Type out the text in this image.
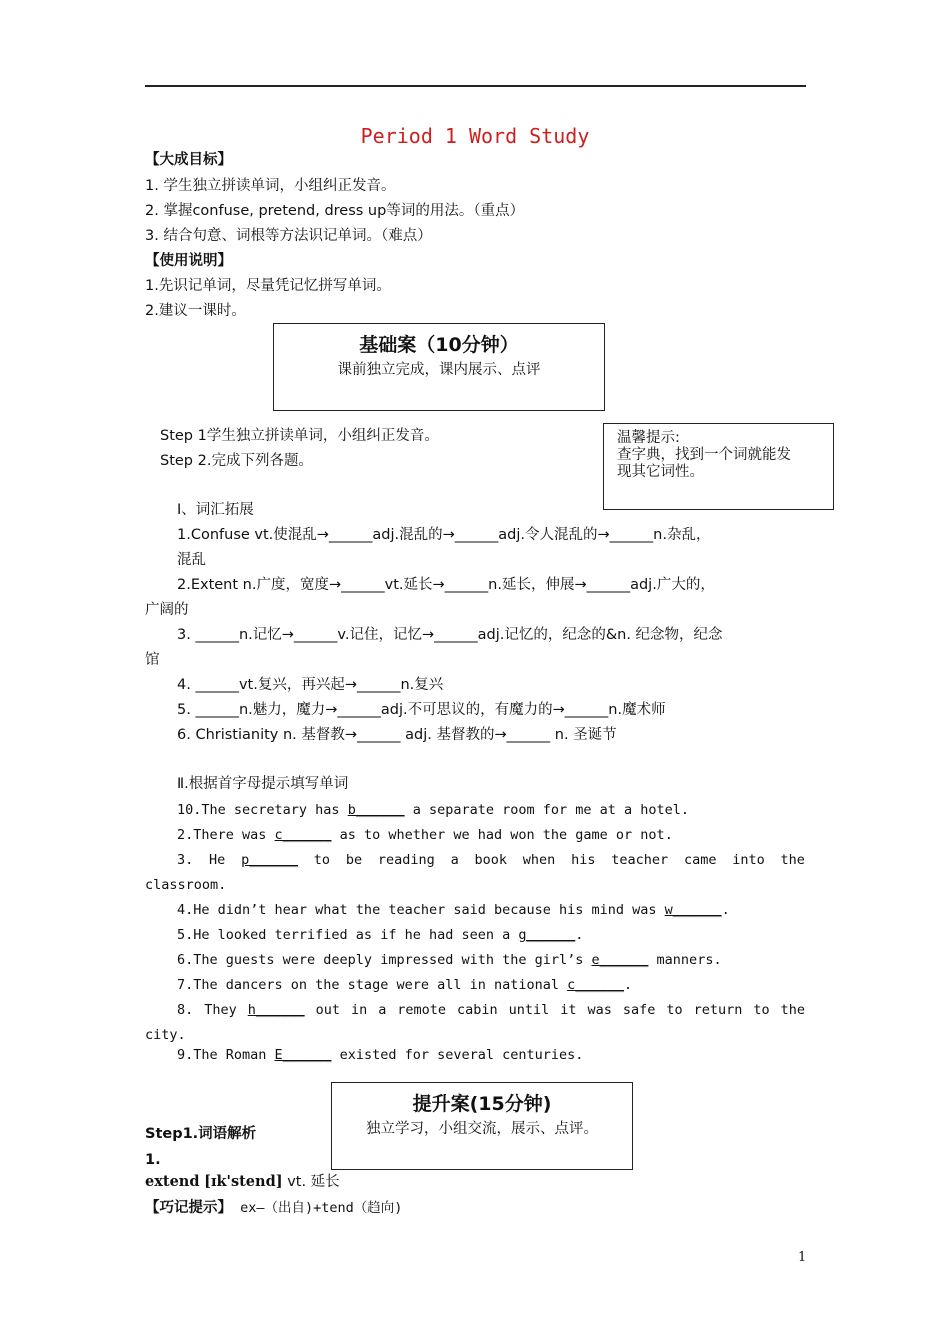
Period 1 Word Study
【大成目标】
1. 学生独立拼读单词，小组纠正发音。
2. 掌握confuse, pretend, dress up等词的用法。（重点）
3. 结合句意、词根等方法识记单词。（难点）
【使用说明】
1.先识记单词，尽量凭记忆拼写单词。
2.建议一课时。
基础案（10分钟）
课前独立完成，课内展示、点评
温馨提示:
查字典，找到一个词就能发
现其它词性。
Step 1学生独立拼读单词，小组纠正发音。
Step 2.完成下列各题。
Ⅰ、词汇拓展
1.Confuse vt.使混乱→______adj.混乱的→______adj.令人混乱的→______n.杂乱，
混乱
2.Extent n.广度，宽度→______vt.延长→______n.延长，伸展→______adj.广大的，
广阔的
3. ______n.记忆→______v.记住，记忆→______adj.记忆的，纪念的&n. 纪念物，纪念
馆
4. ______vt.复兴，再兴起→______n.复兴
5. ______n.魅力，魔力→______adj.不可思议的，有魔力的→______n.魔术师
6. Christianity n. 基督教→______ adj. 基督教的→______ n. 圣诞节
Ⅱ.根据首字母提示填写单词
10.The secretary has b______ a separate room for me at a hotel.
2.There was c______ as to whether we had won the game or not.
3. He p______ to be reading a book when his teacher came into the
classroom.
4.He didn’t hear what the teacher said because his mind was w______.
5.He looked terrified as if he had seen a g______.
6.The guests were deeply impressed with the girl’s e______ manners.
7.The dancers on the stage were all in national c______.
8. They h______ out in a remote cabin until it was safe to return to the
city.
9.The Roman E______ existed for several centuries.
提升案(15分钟)
独立学习，小组交流，展示、点评。
Step1.词语解析
1.
extend [ɪk'stend] vt. 延长
【巧记提示】 ex—（出自)+tend（趋向)
1
